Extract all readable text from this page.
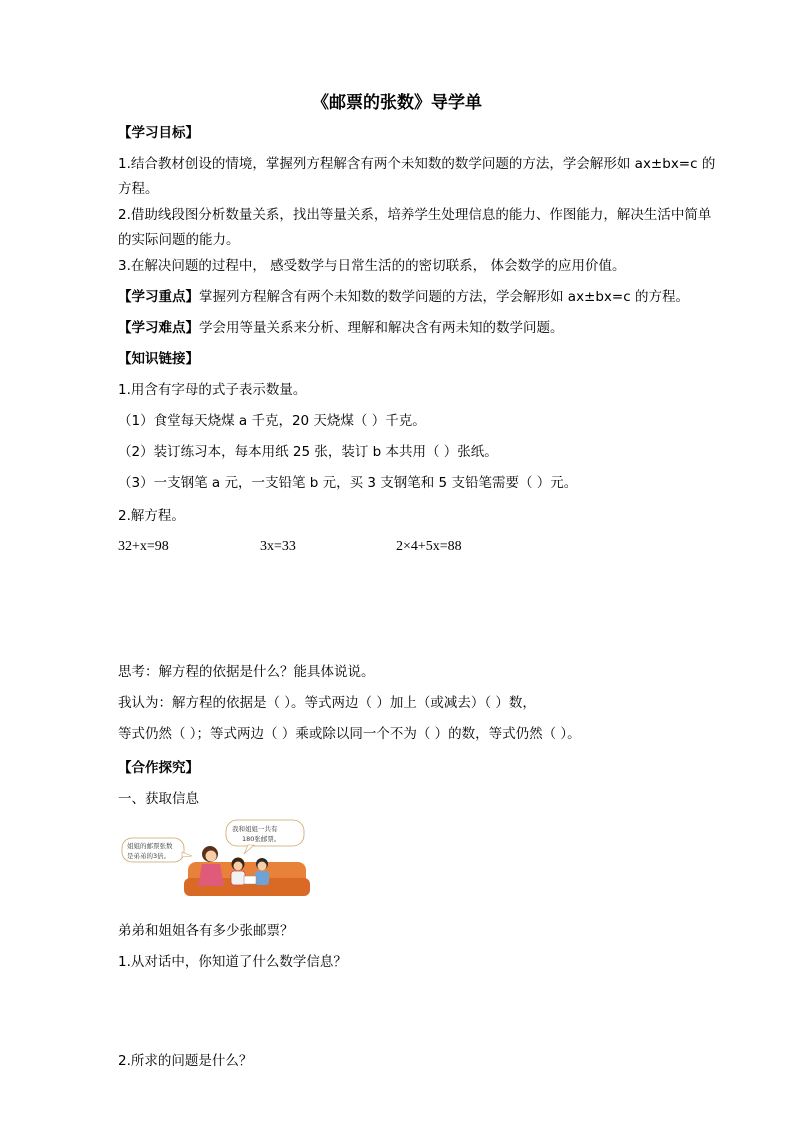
《邮票的张数》导学单
【学习目标】
1.结合教材创设的情境，掌握列方程解含有两个未知数的数学问题的方法，学会解形如 ax±bx=c 的
方程。
2.借助线段图分析数量关系，找出等量关系，培养学生处理信息的能力、作图能力，解决生活中简单
的实际问题的能力。
3.在解决问题的过程中， 感受数学与日常生活的的密切联系， 体会数学的应用价值。
【学习重点】掌握列方程解含有两个未知数的数学问题的方法，学会解形如 ax±bx=c 的方程。
【学习难点】学会用等量关系来分析、理解和解决含有两未知的数学问题。
【知识链接】
1.用含有字母的式子表示数量。
（1）食堂每天烧煤 a 千克，20 天烧煤（ ）千克。
（2）装订练习本，每本用纸 25 张，装订 b 本共用（ ）张纸。
（3）一支钢笔 a 元，一支铅笔 b 元，买 3 支钢笔和 5 支铅笔需要（ ）元。
2.解方程。
32+x=98	3x=33	2×4+5x=88
思考：解方程的依据是什么？能具体说说。
我认为：解方程的依据是（ ）。等式两边（ ）加上（或减去）（ ）数，
等式仍然（ ）；等式两边（ ）乘或除以同一个不为（ ）的数，等式仍然（ ）。
【合作探究】
一、获取信息
姐姐的邮票张数
是弟弟的3倍。
我和姐姐一共有
180张邮票。
弟弟和姐姐各有多少张邮票？
1.从对话中，你知道了什么数学信息？
2.所求的问题是什么？
